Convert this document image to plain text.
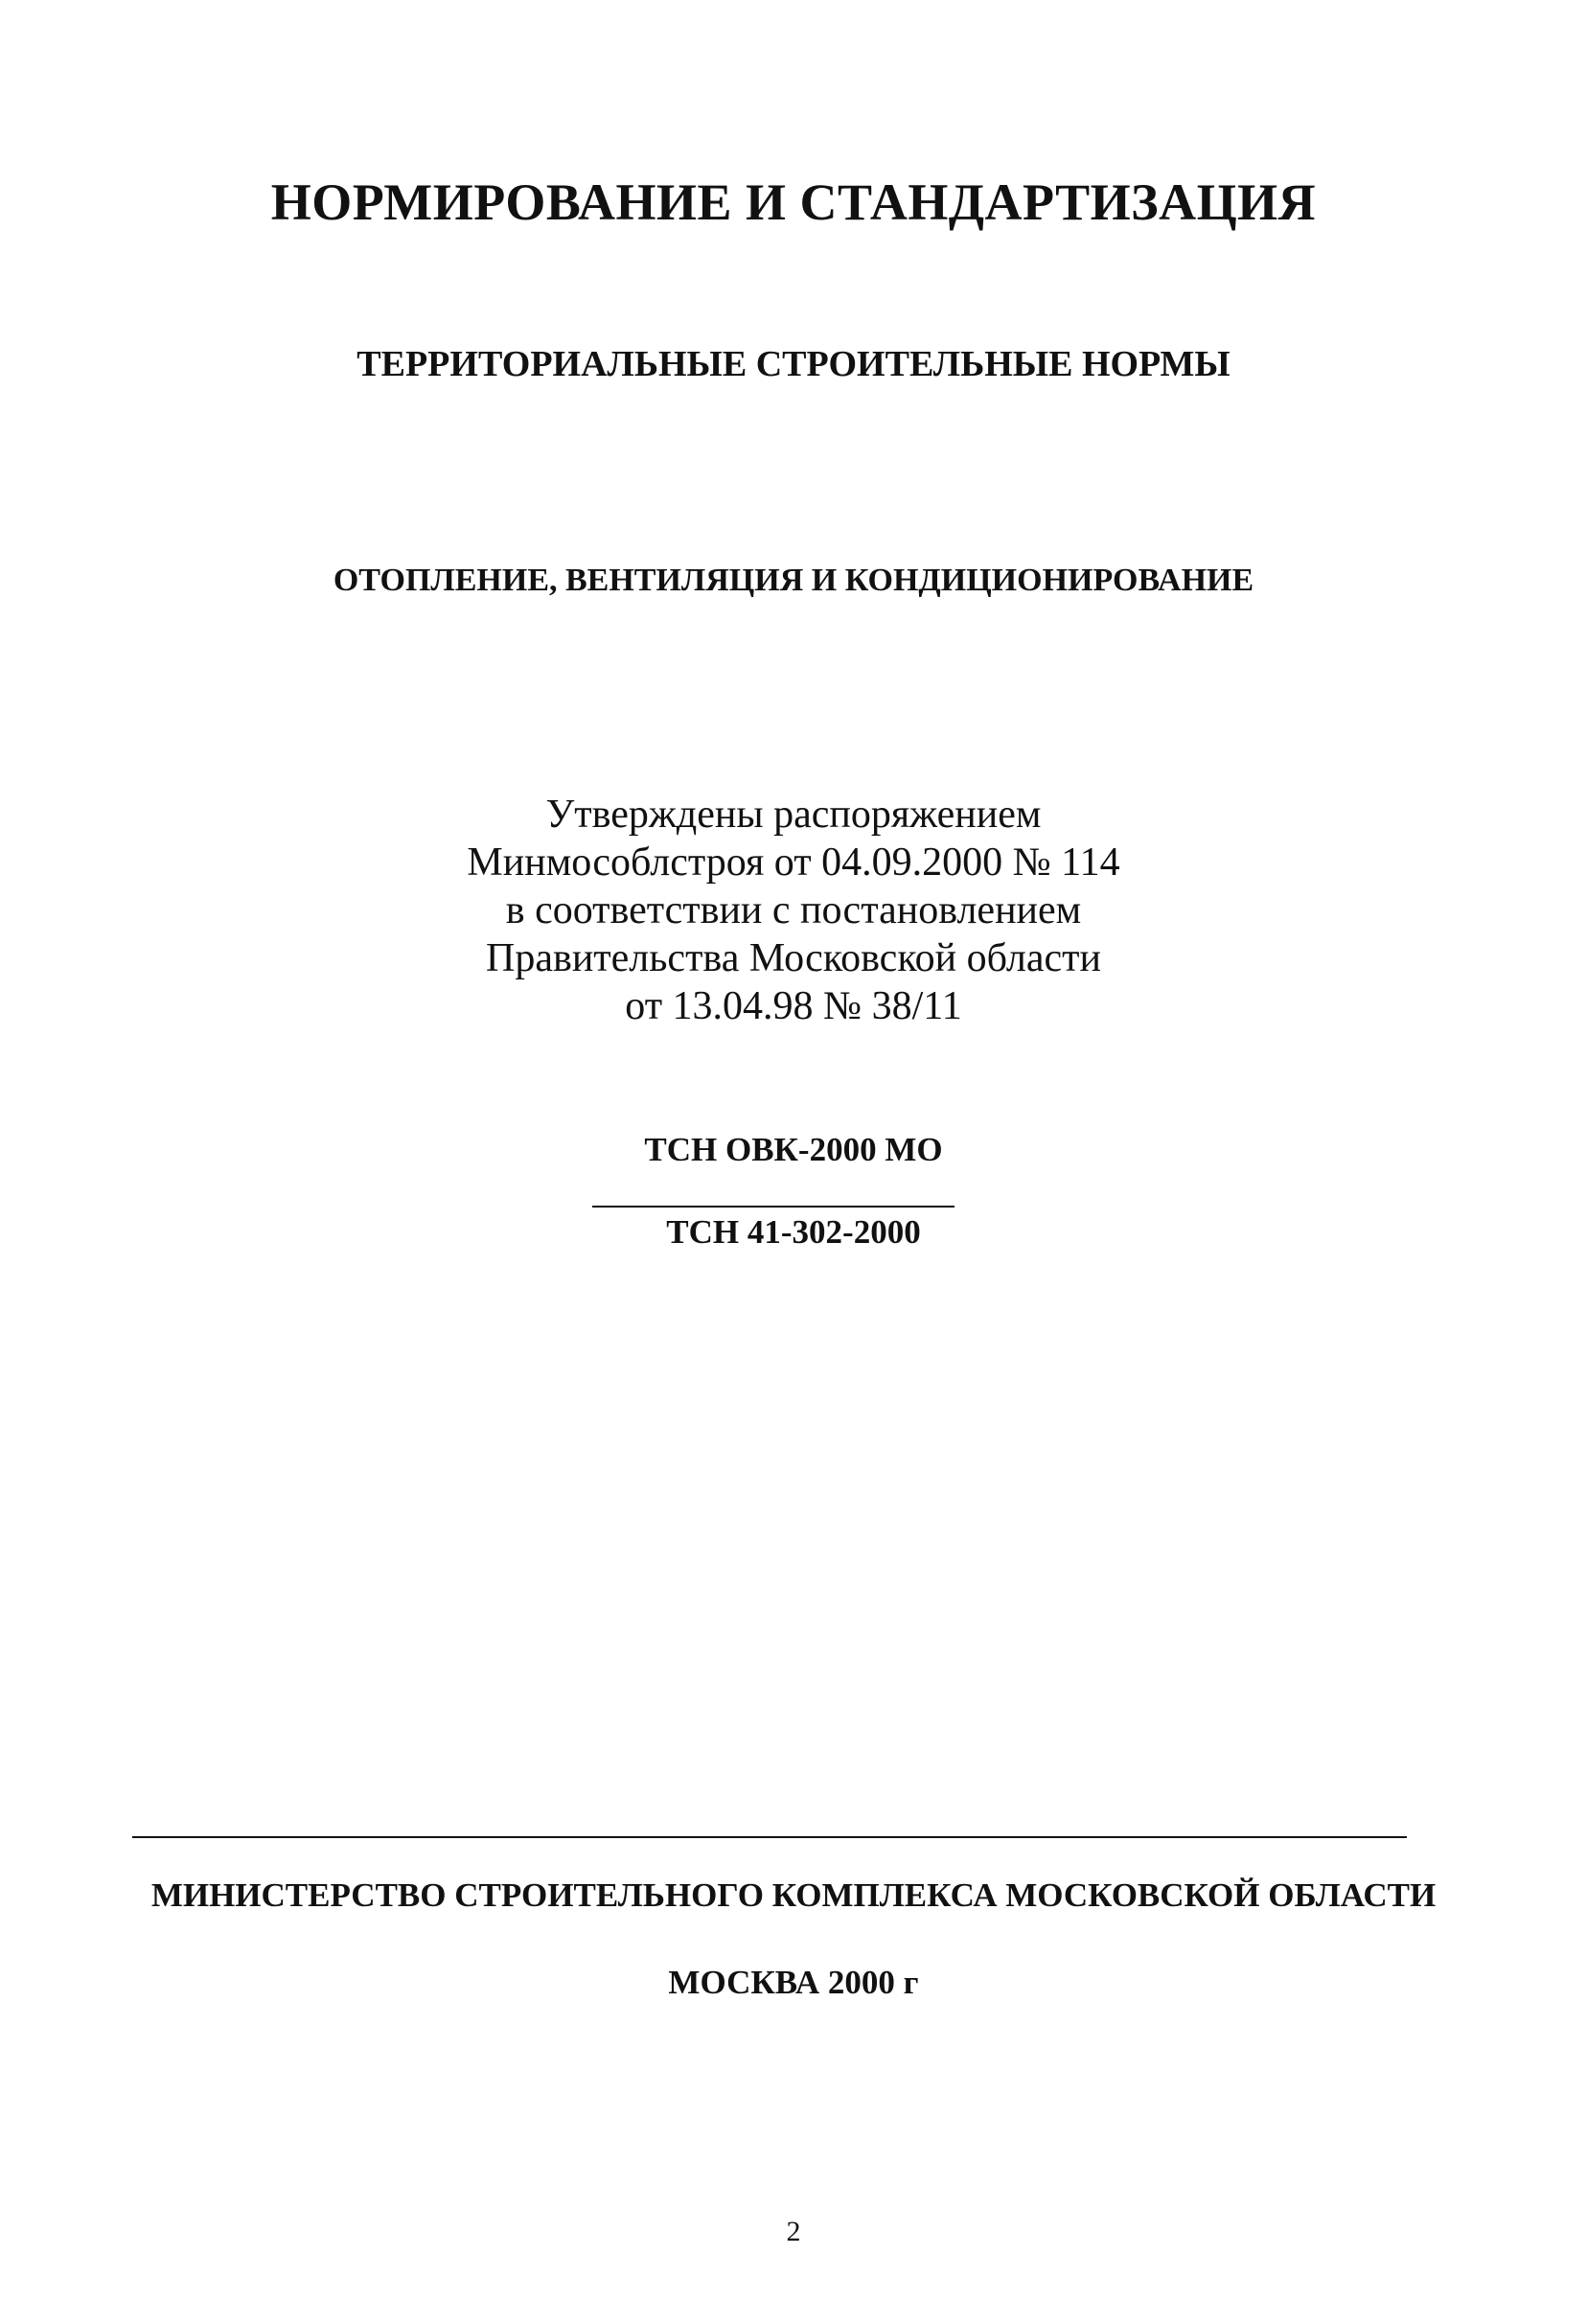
НОРМИРОВАНИЕ И СТАНДАРТИЗАЦИЯ
ТЕРРИТОРИАЛЬНЫЕ СТРОИТЕЛЬНЫЕ НОРМЫ
ОТОПЛЕНИЕ, ВЕНТИЛЯЦИЯ И КОНДИЦИОНИРОВАНИЕ
Утверждены распоряжением
Минмособлстроя от 04.09.2000 № 114
в соответствии с постановлением
Правительства Московской области
от 13.04.98 № 38/11
ТСН ОВК-2000 МО
ТСН 41-302-2000
МИНИСТЕРСТВО СТРОИТЕЛЬНОГО КОМПЛЕКСА МОСКОВСКОЙ ОБЛАСТИ
МОСКВА 2000 г
2
